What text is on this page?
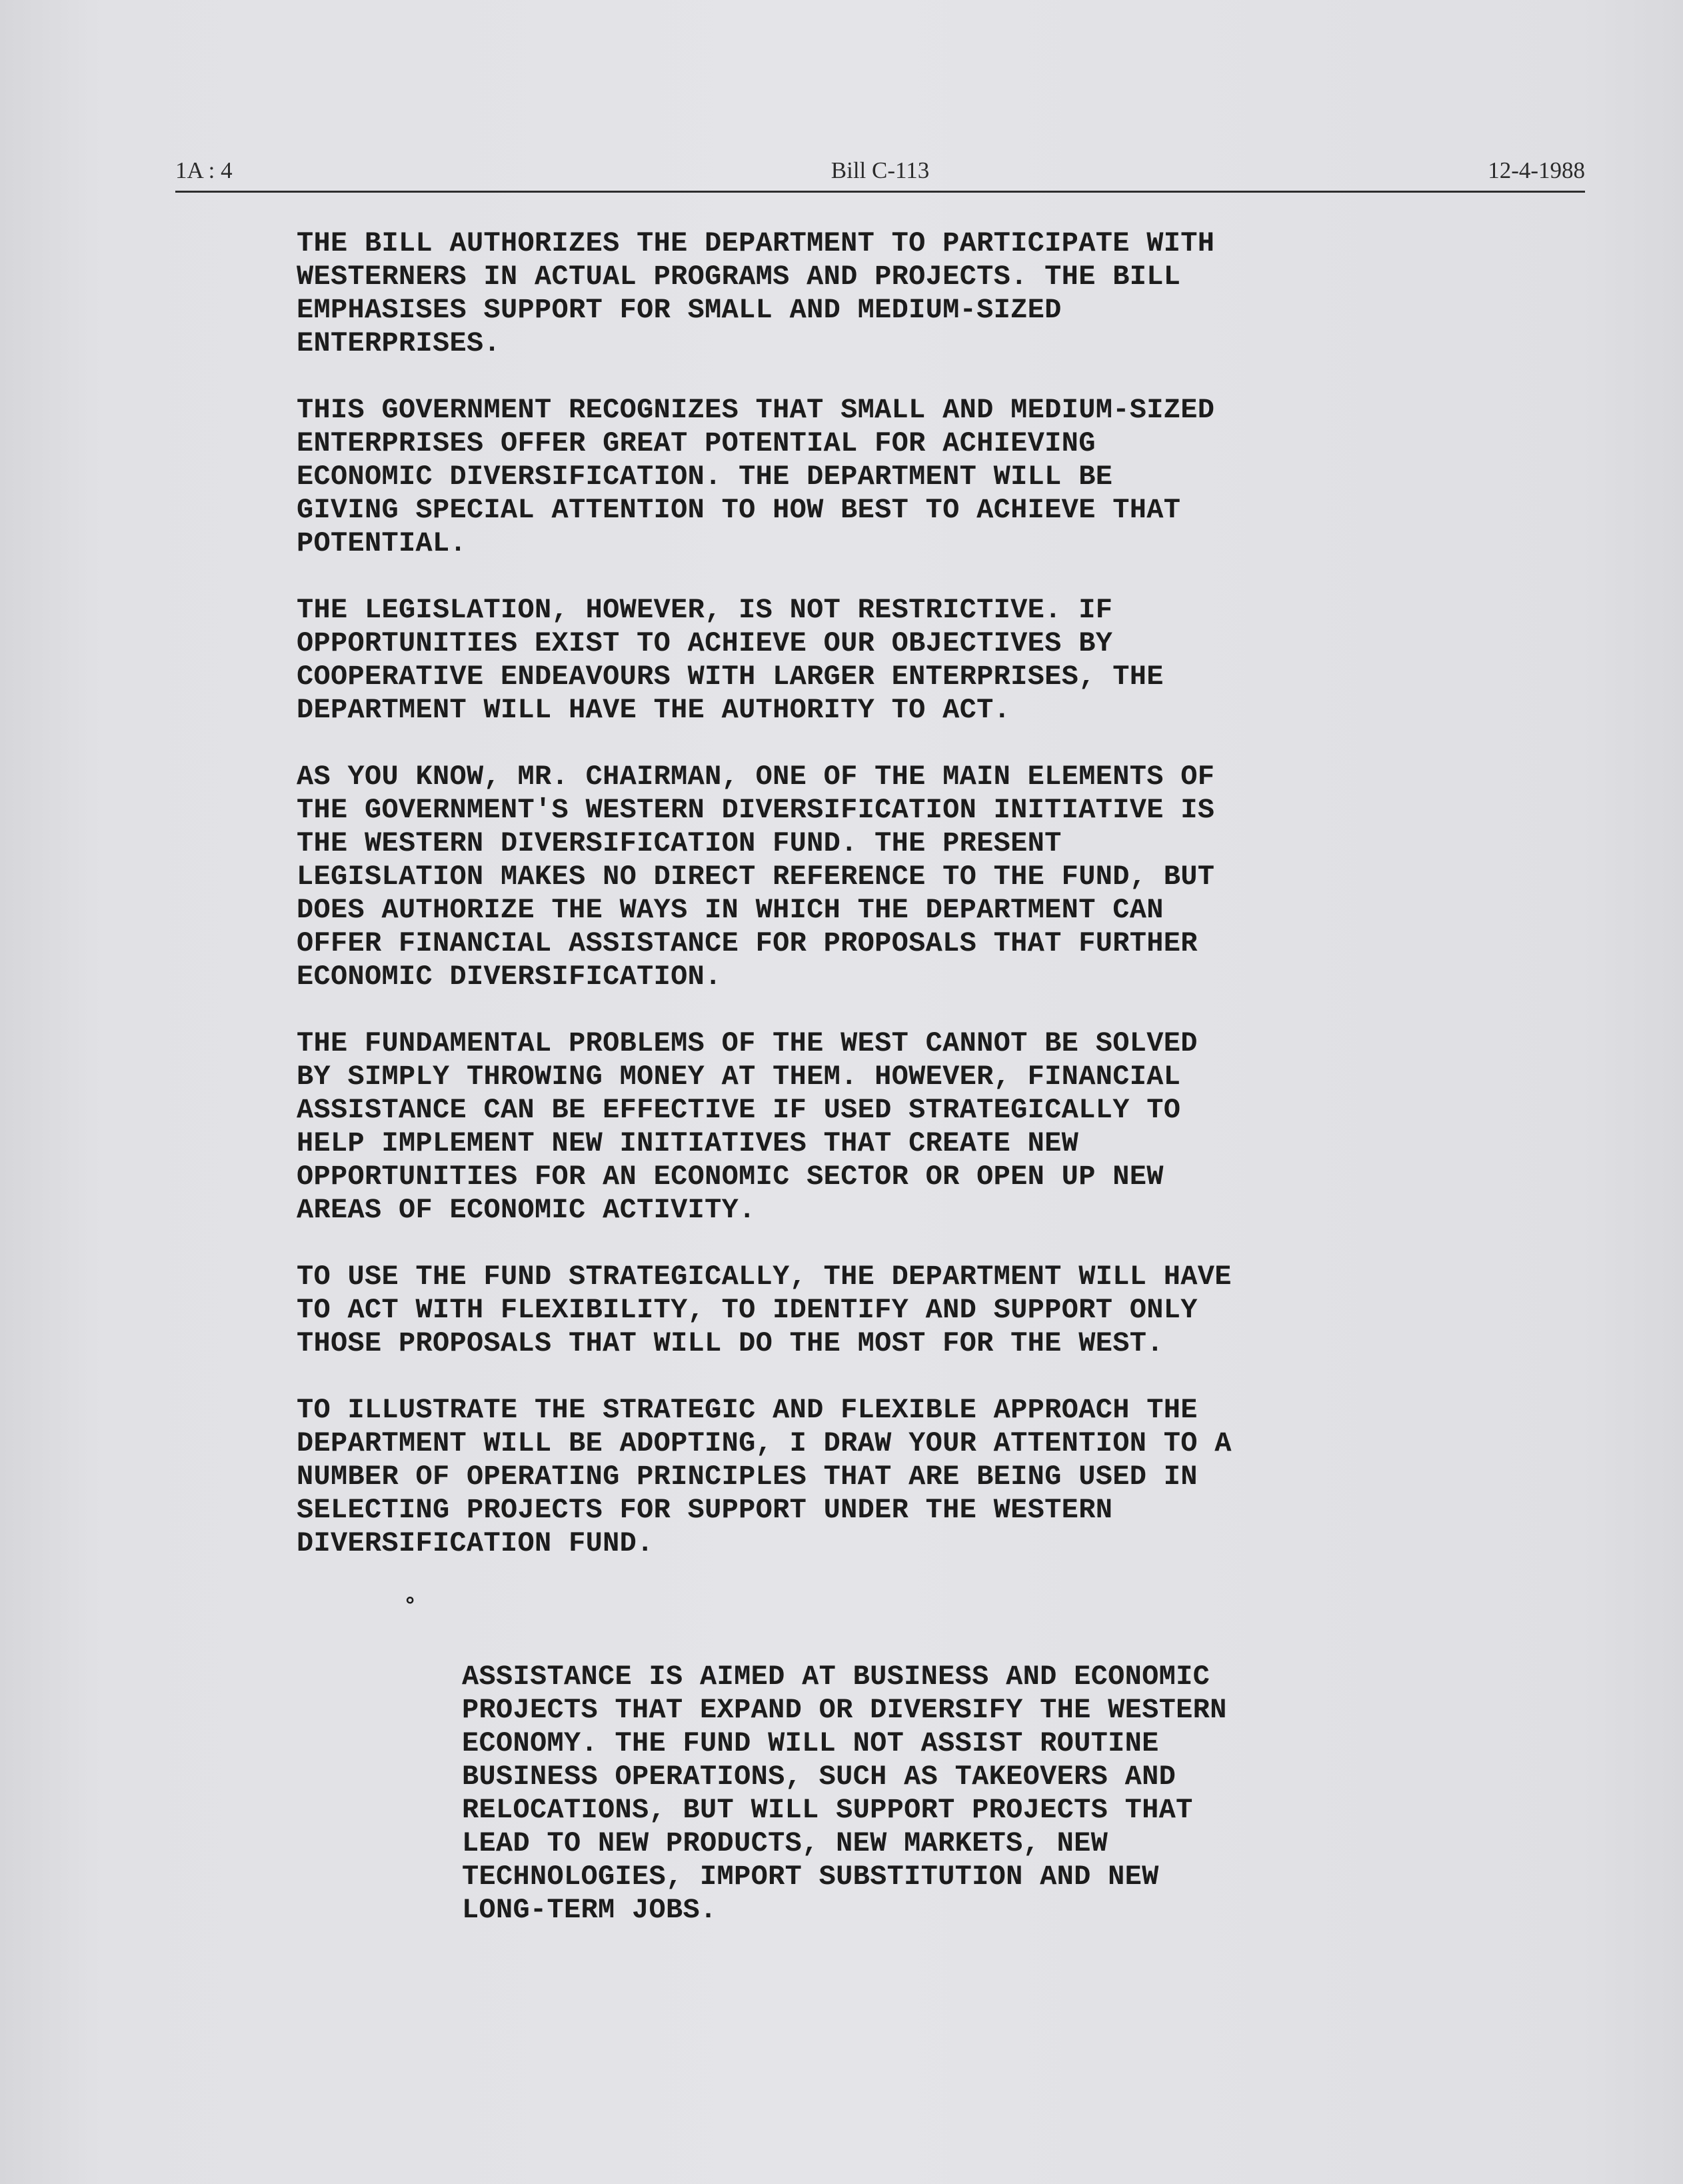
1A : 4	Bill C-113	12-4-1988

THE BILL AUTHORIZES THE DEPARTMENT TO PARTICIPATE WITH
WESTERNERS IN ACTUAL PROGRAMS AND PROJECTS. THE BILL
EMPHASISES SUPPORT FOR SMALL AND MEDIUM-SIZED
ENTERPRISES.

THIS GOVERNMENT RECOGNIZES THAT SMALL AND MEDIUM-SIZED
ENTERPRISES OFFER GREAT POTENTIAL FOR ACHIEVING
ECONOMIC DIVERSIFICATION. THE DEPARTMENT WILL BE
GIVING SPECIAL ATTENTION TO HOW BEST TO ACHIEVE THAT
POTENTIAL.

THE LEGISLATION, HOWEVER, IS NOT RESTRICTIVE. IF
OPPORTUNITIES EXIST TO ACHIEVE OUR OBJECTIVES BY
COOPERATIVE ENDEAVOURS WITH LARGER ENTERPRISES, THE
DEPARTMENT WILL HAVE THE AUTHORITY TO ACT.

AS YOU KNOW, MR. CHAIRMAN, ONE OF THE MAIN ELEMENTS OF
THE GOVERNMENT'S WESTERN DIVERSIFICATION INITIATIVE IS
THE WESTERN DIVERSIFICATION FUND. THE PRESENT
LEGISLATION MAKES NO DIRECT REFERENCE TO THE FUND, BUT
DOES AUTHORIZE THE WAYS IN WHICH THE DEPARTMENT CAN
OFFER FINANCIAL ASSISTANCE FOR PROPOSALS THAT FURTHER
ECONOMIC DIVERSIFICATION.

THE FUNDAMENTAL PROBLEMS OF THE WEST CANNOT BE SOLVED
BY SIMPLY THROWING MONEY AT THEM. HOWEVER, FINANCIAL
ASSISTANCE CAN BE EFFECTIVE IF USED STRATEGICALLY TO
HELP IMPLEMENT NEW INITIATIVES THAT CREATE NEW
OPPORTUNITIES FOR AN ECONOMIC SECTOR OR OPEN UP NEW
AREAS OF ECONOMIC ACTIVITY.

TO USE THE FUND STRATEGICALLY, THE DEPARTMENT WILL HAVE
TO ACT WITH FLEXIBILITY, TO IDENTIFY AND SUPPORT ONLY
THOSE PROPOSALS THAT WILL DO THE MOST FOR THE WEST.

TO ILLUSTRATE THE STRATEGIC AND FLEXIBLE APPROACH THE
DEPARTMENT WILL BE ADOPTING, I DRAW YOUR ATTENTION TO A
NUMBER OF OPERATING PRINCIPLES THAT ARE BEING USED IN
SELECTING PROJECTS FOR SUPPORT UNDER THE WESTERN
DIVERSIFICATION FUND.

°

ASSISTANCE IS AIMED AT BUSINESS AND ECONOMIC
PROJECTS THAT EXPAND OR DIVERSIFY THE WESTERN
ECONOMY. THE FUND WILL NOT ASSIST ROUTINE
BUSINESS OPERATIONS, SUCH AS TAKEOVERS AND
RELOCATIONS, BUT WILL SUPPORT PROJECTS THAT
LEAD TO NEW PRODUCTS, NEW MARKETS, NEW
TECHNOLOGIES, IMPORT SUBSTITUTION AND NEW
LONG-TERM JOBS.
